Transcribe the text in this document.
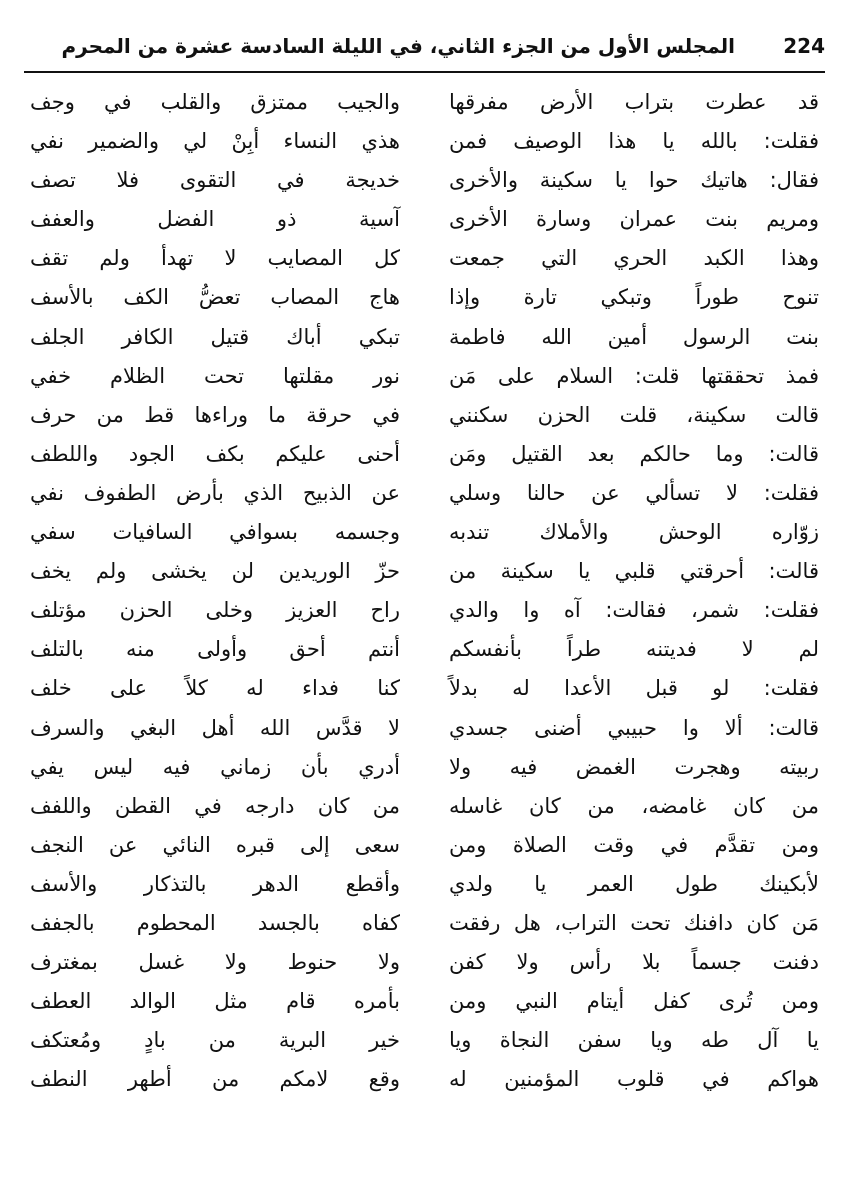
224
المجلس الأول من الجزء الثاني، في الليلة السادسة عشرة من المحرم
قد عطرت بتراب الأرض مفرقها
فقلت: بالله يا هذا الوصيف فمن
فقال: هاتيك حوا يا سكينة والأخرى
ومريم بنت عمران وسارة الأخرى
وهذا الكبد الحري التي جمعت
تنوح طوراً وتبكي تارة وإذا
بنت الرسول أمين الله فاطمة
فمذ تحققتها قلت: السلام على مَن
قالت سكينة، قلت الحزن سكنني
قالت: وما حالكم بعد القتيل ومَن
فقلت: لا تسألي عن حالنا وسلي
زوّاره الوحش والأملاك تندبه
قالت: أحرقتي قلبي يا سكينة من
فقلت: شمر، فقالت: آه وا والدي
لم لا فديتنه طراً بأنفسكم
فقلت: لو قبل الأعدا له بدلاً
قالت: ألا وا حبيبي أضنى جسدي
ربيته وهجرت الغمض فيه ولا
من كان غامضه، من كان غاسله
ومن تقدَّم في وقت الصلاة ومن
لأبكينك طول العمر يا ولدي
مَن كان دافنك تحت التراب، هل رفقت
دفنت جسماً بلا رأس ولا كفن
ومن تُرى كفل أيتام النبي ومن
يا آل طه ويا سفن النجاة ويا
هواكم في قلوب المؤمنين له
والجيب ممتزق والقلب في وجف
هذي النساء أبِنْ لي والضمير نفي
خديجة في التقوى فلا تصف
آسية ذو الفضل والعفف
كل المصايب لا تهدأ ولم تقف
هاج المصاب تعضُّ الكف بالأسف
تبكي أباك قتيل الكافر الجلف
نور مقلتها تحت الظلام خفي
في حرقة ما وراءها قط من حرف
أحنى عليكم بكف الجود واللطف
عن الذبيح الذي بأرض الطفوف نفي
وجسمه بسوافي السافيات سفي
حزّ الوريدين لن يخشى ولم يخف
راح العزيز وخلى الحزن مؤتلف
أنتم أحق وأولى منه بالتلف
كنا فداء له كلاً على خلف
لا قدَّس الله أهل البغي والسرف
أدري بأن زماني فيه ليس يفي
من كان دارجه في القطن واللفف
سعى إلى قبره النائي عن النجف
وأقطع الدهر بالتذكار والأسف
كفاه بالجسد المحطوم بالجفف
ولا حنوط ولا غسل بمغترف
بأمره قام مثل الوالد العطف
خير البرية من بادٍ ومُعتكف
وقع لامكم من أطهر النطف
